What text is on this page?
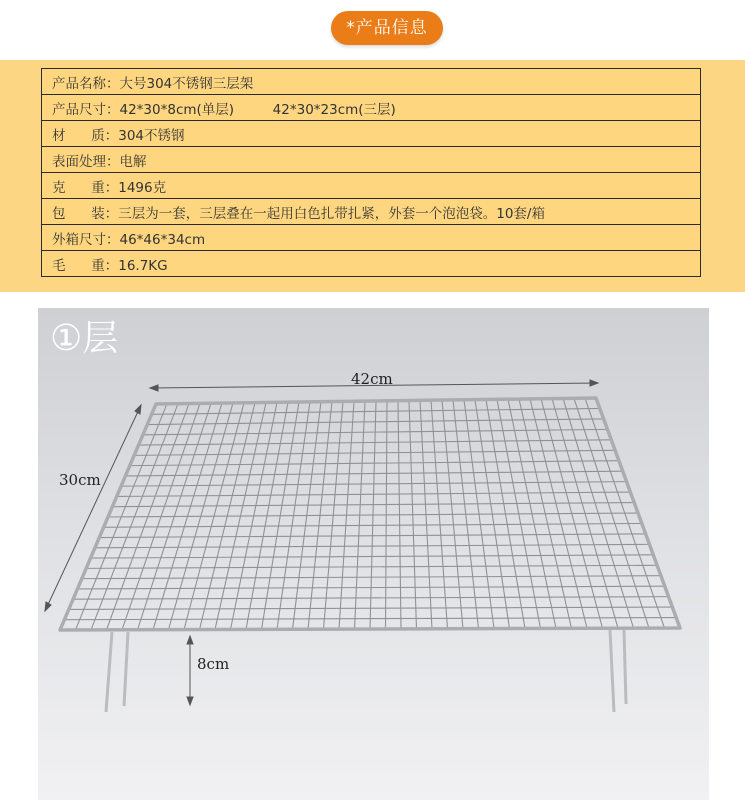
*产品信息
产品名称：大号304不锈钢三层架
产品尺寸：42*30*8cm(单层)         42*30*23cm(三层)
材      质：304不锈钢
表面处理：电解
克      重：1496克
包      装：三层为一套，三层叠在一起用白色扎带扎紧，外套一个泡泡袋。10套/箱
外箱尺寸：46*46*34cm
毛      重：16.7KG
①层
42cm
30cm
8cm
